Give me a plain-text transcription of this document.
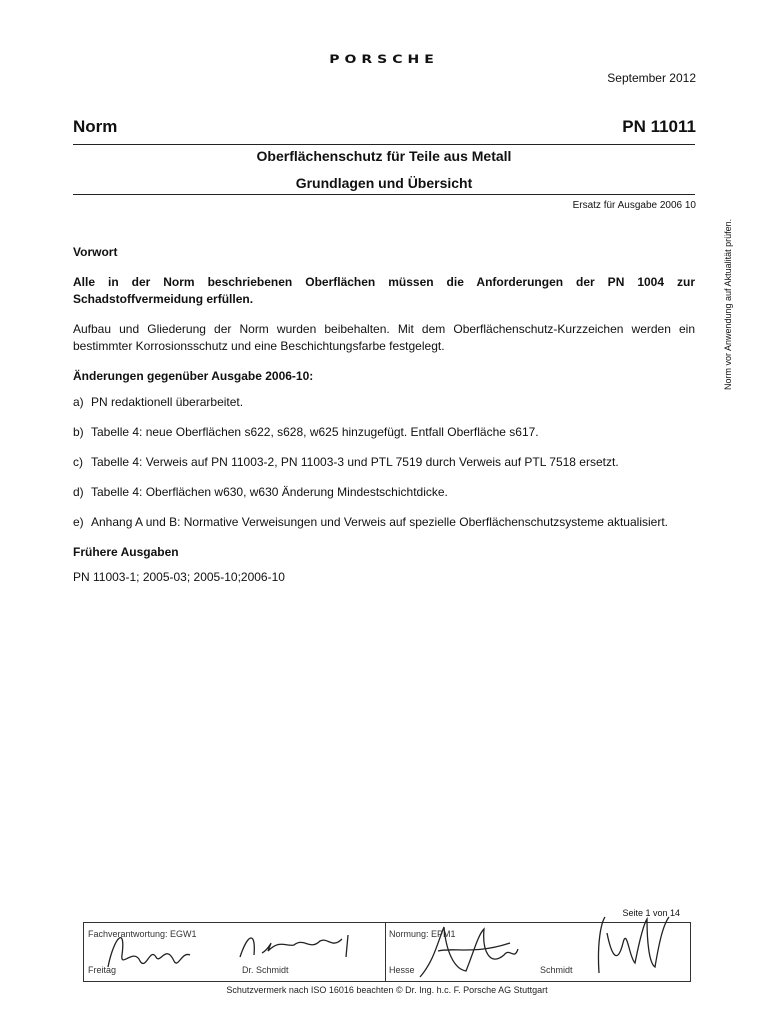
PORSCHE
September 2012
Norm	PN 11011
Oberflächenschutz für Teile aus Metall
Grundlagen und Übersicht
Ersatz für Ausgabe 2006 10
Norm vor Anwendung auf Aktualität prüfen.

Vorwort

Alle in der Norm beschriebenen Oberflächen müssen die Anforderungen der PN 1004 zur Schadstoffvermeidung erfüllen.

Aufbau und Gliederung der Norm wurden beibehalten. Mit dem Oberflächenschutz-Kurzzeichen werden ein bestimmter Korrosionsschutz und eine Beschichtungsfarbe festgelegt.

Änderungen gegenüber Ausgabe 2006-10:

a) PN redaktionell überarbeitet.
b) Tabelle 4: neue Oberflächen s622, s628, w625 hinzugefügt. Entfall Oberfläche s617.
c) Tabelle 4: Verweis auf PN 11003-2, PN 11003-3 und PTL 7519 durch Verweis auf PTL 7518 ersetzt.
d) Tabelle 4: Oberflächen w630, w630 Änderung Mindestschichtdicke.
e) Anhang A und B: Normative Verweisungen und Verweis auf spezielle Oberflächenschutzsysteme aktualisiert.

Frühere Ausgaben

PN 11003-1; 2005-03; 2005-10;2006-10

Seite 1 von 14
Fachverantwortung: EGW1	Normung: EPM1
Freitag	Dr. Schmidt	Hesse	Schmidt
Schutzvermerk nach ISO 16016 beachten © Dr. Ing. h.c. F. Porsche AG Stuttgart
